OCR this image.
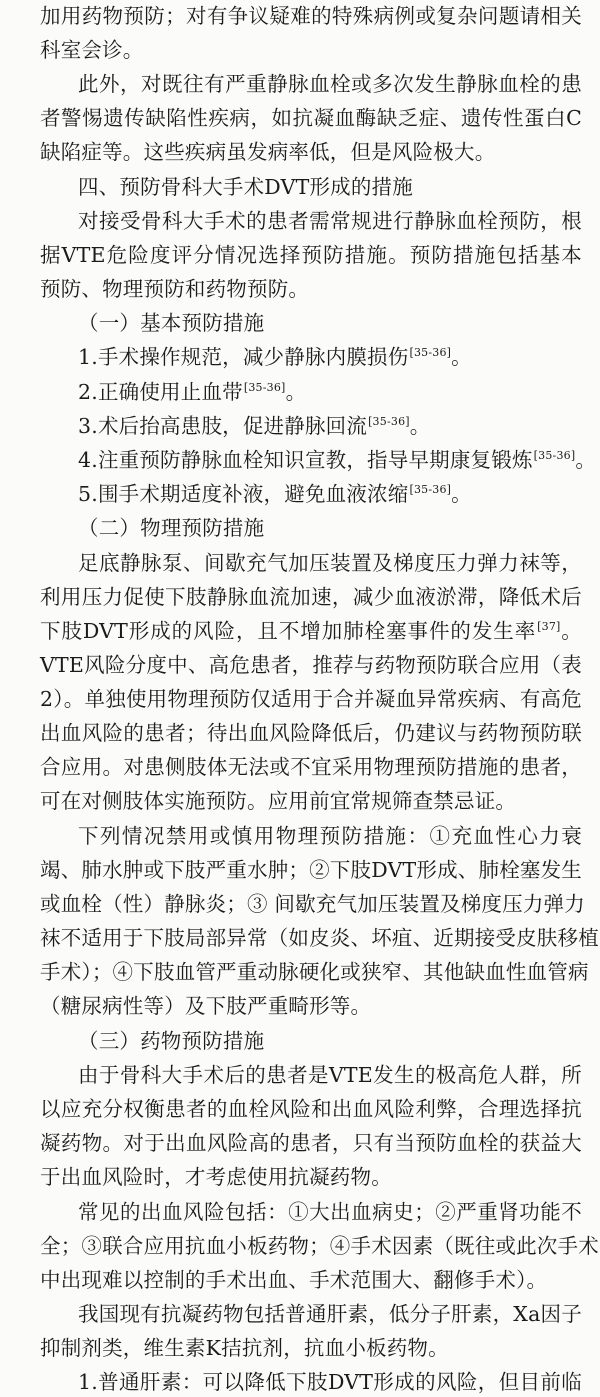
加用药物预防；对有争议疑难的特殊病例或复杂问题请相关
科室会诊。
此外，对既往有严重静脉血栓或多次发生静脉血栓的患
者警惕遗传缺陷性疾病，如抗凝血酶缺乏症、遗传性蛋白C
缺陷症等。这些疾病虽发病率低，但是风险极大。
四、预防骨科大手术DVT形成的措施
对接受骨科大手术的患者需常规进行静脉血栓预防，根
据VTE危险度评分情况选择预防措施。预防措施包括基本
预防、物理预防和药物预防。
（一）基本预防措施
1.手术操作规范，减少静脉内膜损伤[35-36]。
2.正确使用止血带[35-36]。
3.术后抬高患肢，促进静脉回流[35-36]。
4.注重预防静脉血栓知识宣教，指导早期康复锻炼[35-36]。
5.围手术期适度补液，避免血液浓缩[35-36]。
（二）物理预防措施
足底静脉泵、间歇充气加压装置及梯度压力弹力袜等，
利用压力促使下肢静脉血流加速，减少血液淤滞，降低术后
下肢DVT形成的风险，且不增加肺栓塞事件的发生率[37]。
VTE风险分度中、高危患者，推荐与药物预防联合应用（表
2）。单独使用物理预防仅适用于合并凝血异常疾病、有高危
出血风险的患者；待出血风险降低后，仍建议与药物预防联
合应用。对患侧肢体无法或不宜采用物理预防措施的患者，
可在对侧肢体实施预防。应用前宜常规筛查禁忌证。
下列情况禁用或慎用物理预防措施：①充血性心力衰
竭、肺水肿或下肢严重水肿；②下肢DVT形成、肺栓塞发生
或血栓（性）静脉炎；③ 间歇充气加压装置及梯度压力弹力
袜不适用于下肢局部异常（如皮炎、坏疽、近期接受皮肤移植
手术）；④下肢血管严重动脉硬化或狭窄、其他缺血性血管病
（糖尿病性等）及下肢严重畸形等。
（三）药物预防措施
由于骨科大手术后的患者是VTE发生的极高危人群，所
以应充分权衡患者的血栓风险和出血风险利弊，合理选择抗
凝药物。对于出血风险高的患者，只有当预防血栓的获益大
于出血风险时，才考虑使用抗凝药物。
常见的出血风险包括：①大出血病史；②严重肾功能不
全；③联合应用抗血小板药物；④手术因素（既往或此次手术
中出现难以控制的手术出血、手术范围大、翻修手术）。
我国现有抗凝药物包括普通肝素，低分子肝素，Xa因子
抑制剂类，维生素K拮抗剂，抗血小板药物。
1.普通肝素：可以降低下肢DVT形成的风险，但目前临
